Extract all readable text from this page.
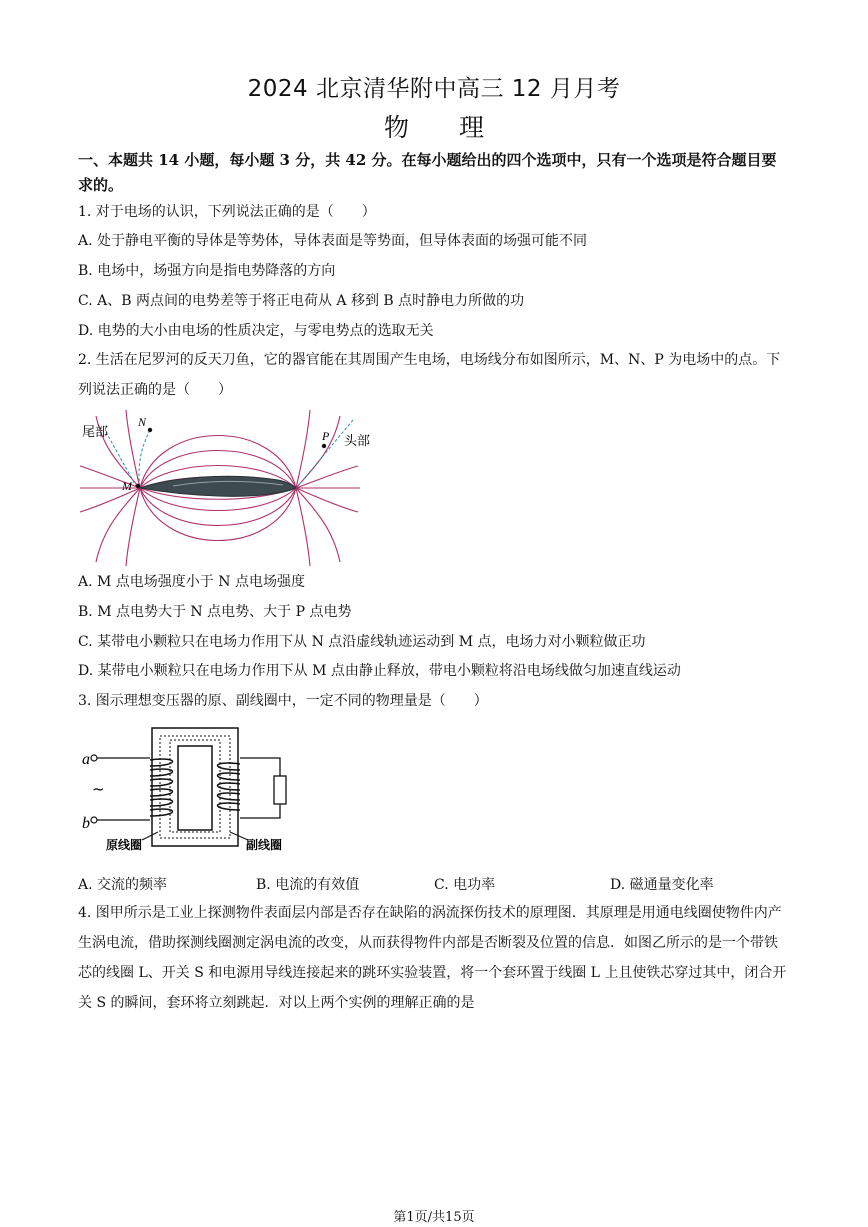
2024 北京清华附中高三 12 月月考
物　　理
一、本题共 14 小题，每小题 3 分，共 42 分。在每小题给出的四个选项中，只有一个选项是符合题目要求的。
1. 对于电场的认识，下列说法正确的是（　　）
A. 处于静电平衡的导体是等势体，导体表面是等势面，但导体表面的场强可能不同
B. 电场中，场强方向是指电势降落的方向
C. A、B 两点间的电势差等于将正电荷从 A 移到 B 点时静电力所做的功
D. 电势的大小由电场的性质决定，与零电势点的选取无关
2. 生活在尼罗河的反天刀鱼，它的器官能在其周围产生电场，电场线分布如图所示，M、N、P 为电场中的点。下列说法正确的是（　　）
N
M
P
尾部
头部
A. M 点电场强度小于 N 点电场强度
B. M 点电势大于 N 点电势、大于 P 点电势
C. 某带电小颗粒只在电场力作用下从 N 点沿虚线轨迹运动到 M 点，电场力对小颗粒做正功
D. 某带电小颗粒只在电场力作用下从 M 点由静止释放，带电小颗粒将沿电场线做匀加速直线运动
3. 图示理想变压器的原、副线圈中，一定不同的物理量是（　　）
a
b
~
原线圈	副线圈
A. 交流的频率	B. 电流的有效值	C. 电功率	D. 磁通量变化率
4. 图甲所示是工业上探测物件表面层内部是否存在缺陷的涡流探伤技术的原理图．其原理是用通电线圈使物件内产生涡电流，借助探测线圈测定涡电流的改变，从而获得物件内部是否断裂及位置的信息．如图乙所示的是一个带铁芯的线圈 L、开关 S 和电源用导线连接起来的跳环实验装置，将一个套环置于线圈 L 上且使铁芯穿过其中，闭合开关 S 的瞬间，套环将立刻跳起．对以上两个实例的理解正确的是
第1页/共15页
